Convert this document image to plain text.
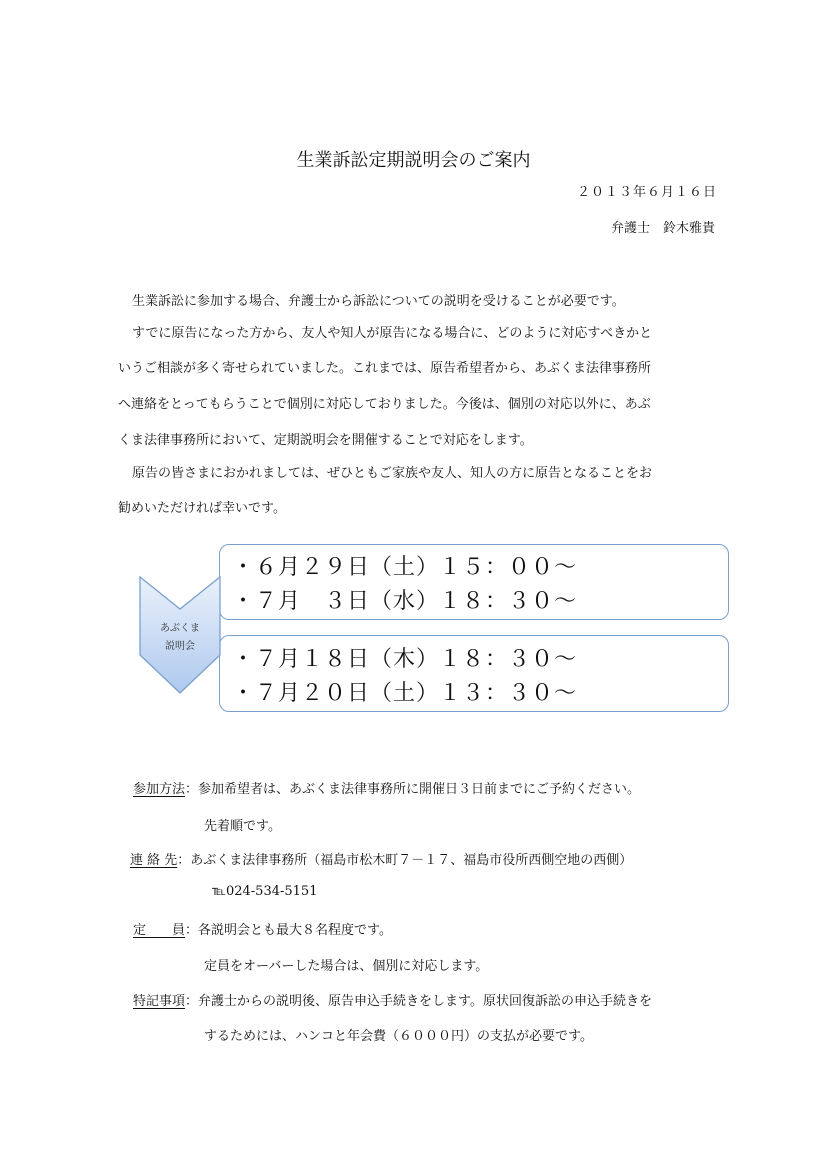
生業訴訟定期説明会のご案内
２０１３年６月１６日
弁護士　鈴木雅貴
生業訴訟に参加する場合、弁護士から訴訟についての説明を受けることが必要です。
すでに原告になった方から、友人や知人が原告になる場合に、どのように対応すべきかと
いうご相談が多く寄せられていました。これまでは、原告希望者から、あぶくま法律事務所
へ連絡をとってもらうことで個別に対応しておりました。今後は、個別の対応以外に、あぶ
くま法律事務所において、定期説明会を開催することで対応をします。
原告の皆さまにおかれましては、ぜひともご家族や友人、知人の方に原告となることをお
勧めいただければ幸いです。
あぶくま
説明会
・６月２９日（土）１５：００〜
・７月　３日（水）１８：３０〜
・７月１８日（木）１８：３０〜
・７月２０日（土）１３：３０〜
参加方法：参加希望者は、あぶくま法律事務所に開催日３日前までにご予約ください。
先着順です。
連 絡 先：あぶくま法律事務所（福島市松木町７－１７、福島市役所西側空地の西側）
℡024-534-5151
定　　員：各説明会とも最大８名程度です。
定員をオーバーした場合は、個別に対応します。
特記事項：弁護士からの説明後、原告申込手続きをします。原状回復訴訟の申込手続きを
するためには、ハンコと年会費（６０００円）の支払が必要です。
